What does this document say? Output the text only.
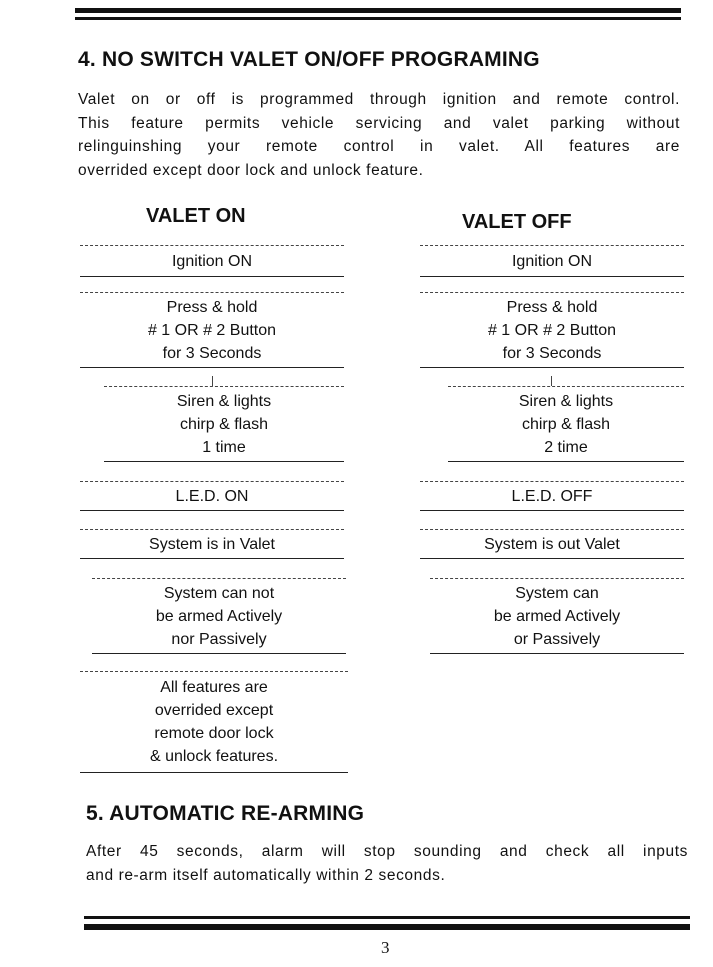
4. NO SWITCH VALET ON/OFF PROGRAMING
Valet on or off is programmed through ignition and remote control.
This feature permits vehicle servicing and valet parking without
relinguinshing your remote control in valet. All features are
overrided except door lock and unlock feature.
VALET ON	VALET OFF
Ignition ON
Press & hold
# 1 OR # 2 Button
for 3 Seconds
Siren & lights
chirp & flash
1 time
L.E.D. ON
System is in Valet
System can not
be armed Actively
nor Passively
All features are
overrided except
remote door lock
& unlock features.
Ignition ON
Press & hold
# 1 OR # 2 Button
for 3 Seconds
Siren & lights
chirp & flash
2 time
L.E.D. OFF
System is out Valet
System can
be armed Actively
or Passively
5. AUTOMATIC RE-ARMING
After 45 seconds, alarm will stop sounding and check all inputs
and re-arm itself automatically within 2 seconds.
3
